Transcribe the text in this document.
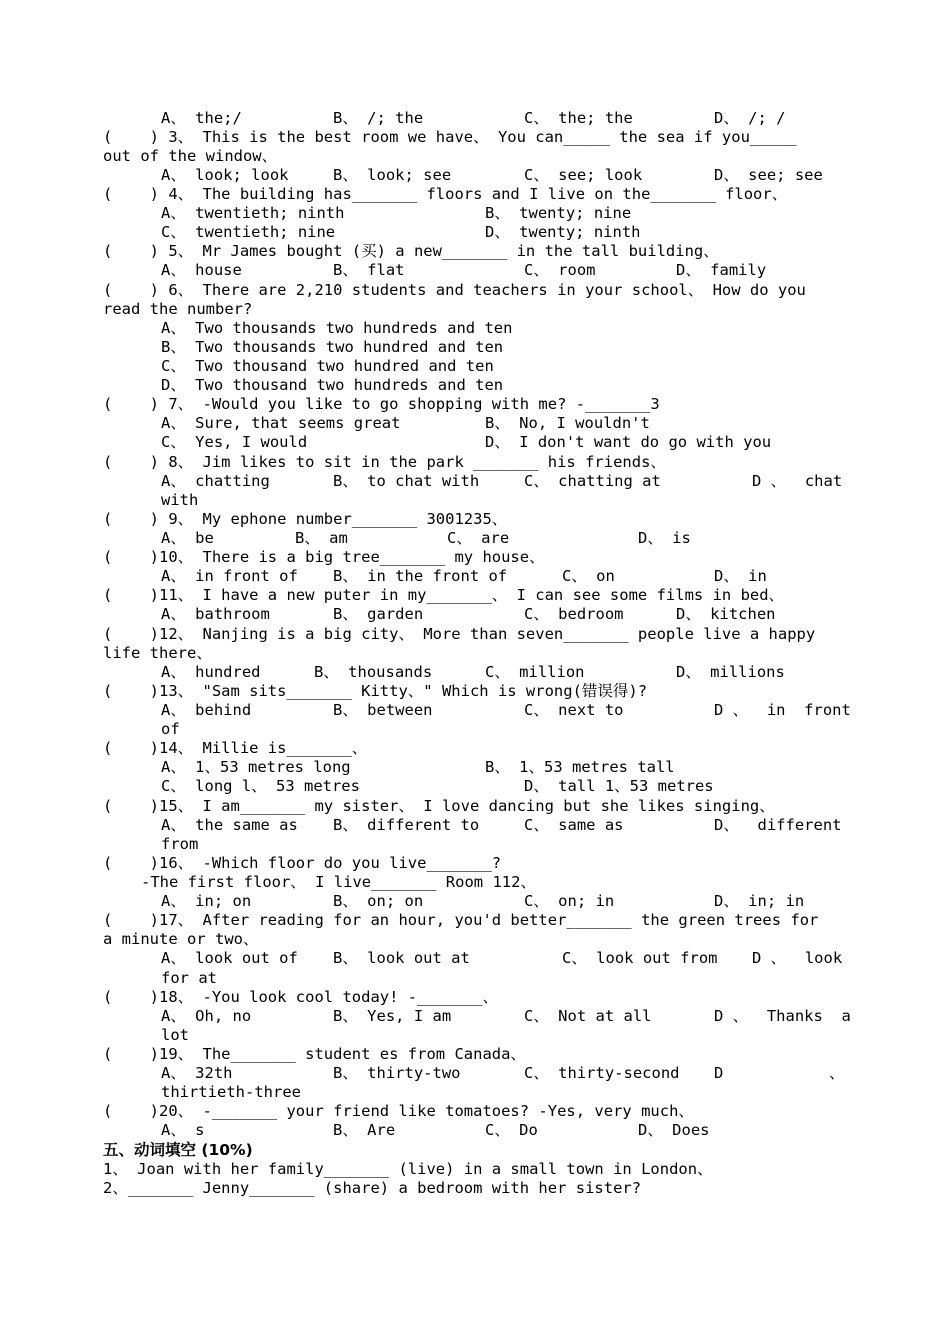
A、 the;/	B、 /; the	C、 the; the	D、 /; /
(    ) 3、 This is the best room we have、 You can_____ the sea if you_____
out of the window、
A、 look; look	B、 look; see	C、 see; look	D、 see; see
(    ) 4、 The building has_______ floors and I live on the_______ floor、
A、 twentieth; ninth	B、 twenty; nine
C、 twentieth; nine	D、 twenty; ninth
(    ) 5、 Mr James bought (买) a new_______ in the tall building、
A、 house	B、 flat	C、 room	D、 family
(    ) 6、 There are 2,210 students and teachers in your school、 How do you
read the number?
A、 Two thousands two hundreds and ten
B、 Two thousands two hundred and ten
C、 Two thousand two hundred and ten
D、 Two thousand two hundreds and ten
(    ) 7、 -Would you like to go shopping with me? -_______3
A、 Sure, that seems great	B、 No, I wouldn't
C、 Yes, I would	D、 I don't want do go with you
(    ) 8、 Jim likes to sit in the park _______ his friends、
A、 chatting	B、 to chat with	C、 chatting at	D 、  chat
with
(    ) 9、 My ephone number_______ 3001235、
A、 be	B、 am	C、 are	D、 is
(    )10、 There is a big tree_______ my house、
A、 in front of B、 in the front of	C、 on	D、 in
(    )11、 I have a new puter in my_______、 I can see some films in bed、
A、 bathroom	B、 garden	C、 bedroom	D、 kitchen
(    )12、 Nanjing is a big city、 More than seven_______ people live a happy
life there、
A、 hundred	B、 thousands	C、 million	D、 millions
(    )13、 "Sam sits_______ Kitty、" Which is wrong(错误得)?
A、 behind	B、 between	C、 next to	D 、  in  front
of
(    )14、 Millie is_______、
A、 1、53 metres long	B、 1、53 metres tall
C、 long l、 53 metres	D、 tall 1、53 metres
(    )15、 I am_______ my sister、 I love dancing but she likes singing、
A、 the same as B、 different to	C、 same as	D、  different
from
(    )16、 -Which floor do you live_______?
-The first floor、 I live_______ Room 112、
A、 in; on	B、 on; on	C、 on; in	D、 in; in
(    )17、 After reading for an hour, you'd better_______ the green trees for
a minute or two、
A、 look out of B、 look out at	C、 look out from D 、  look
for at
(    )18、 -You look cool today! -_______、
A、 Oh, no	B、 Yes, I am	C、 Not at all	D 、  Thanks  a
lot
(    )19、 The_______ student es from Canada、
A、 32th	B、 thirty-two	C、 thirty-second D	、
thirtieth-three
(    )20、 -_______ your friend like tomatoes? -Yes, very much、
A、 s	B、 Are	C、 Do	D、 Does
五、动词填空 (10%)
1、 Joan with her family_______ (live) in a small town in London、
2、_______ Jenny_______ (share) a bedroom with her sister?
